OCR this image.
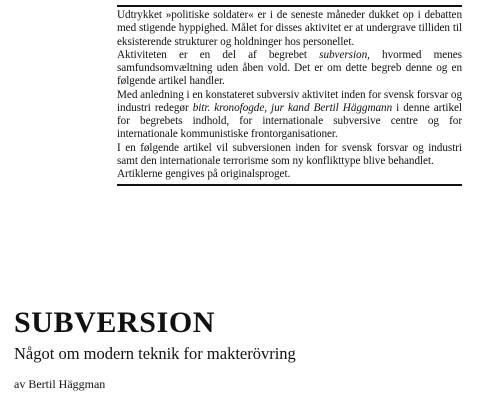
Udtrykket »politiske soldater« er i de seneste måneder dukket op i debatten med stigende hyppighed. Målet for disses aktivitet er at undergrave tilliden til eksisterende strukturer og holdninger hos personellet.

Aktiviteten er en del af begrebet subversion, hvormed menes samfundsomvæltning uden åben vold. Det er om dette begreb denne og en følgende artikel handler.

Med anledning i en konstateret subversiv aktivitet inden for svensk forsvar og industri redegør bitr. kronofogde, jur kand Bertil Häggmann i denne artikel for begrebets indhold, for internationale subversive centre og for internationale kommunistiske frontorganisationer.

I en følgende artikel vil subversionen inden for svensk forsvar og industri samt den internationale terrorisme som ny konflikttype blive behandlet.

Artiklerne gengives på originalsproget.

SUBVERSION
Något om modern teknik for makterövring

av Bertil Häggman
